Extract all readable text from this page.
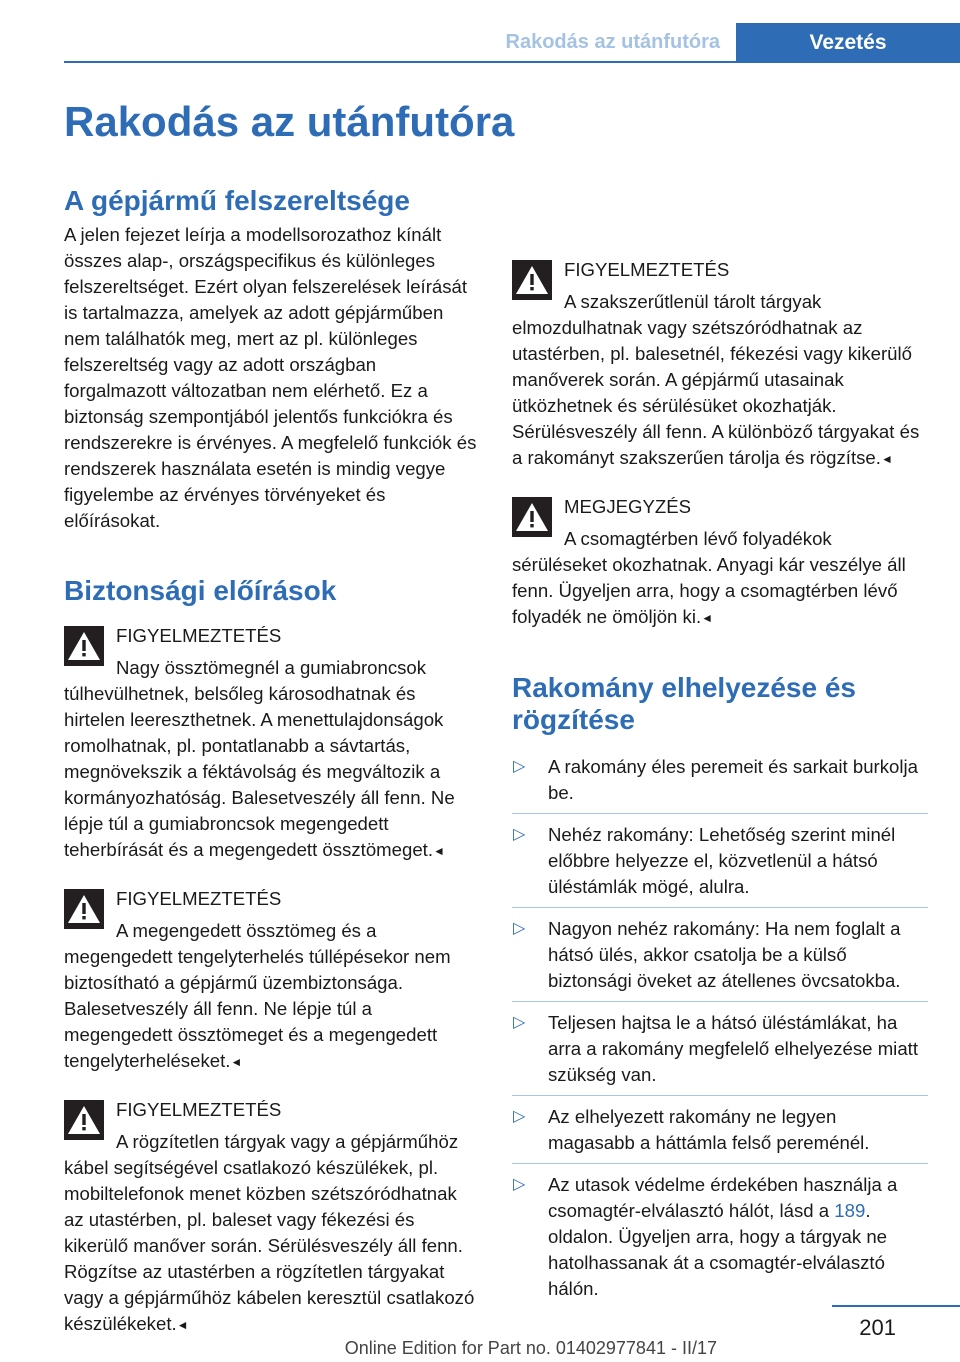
Rakodás az utánfutóra	Vezetés
Rakodás az utánfutóra
A gépjármű felszereltsége

A jelen fejezet leírja a modellsorozathoz kínált összes alap-, országspecifikus és különleges felszereltséget. Ezért olyan felszerelések leírását is tartalmazza, amelyek az adott gépjárműben nem találhatók meg, mert az pl. különleges felszereltség vagy az adott országban forgalmazott változatban nem elérhető. Ez a biztonság szempontjából jelentős funkciókra és rendszerekre is érvényes. A megfelelő funkciók és rendszerek használata esetén is mindig vegye figyelembe az érvényes törvényeket és előírásokat.

Biztonsági előírások

FIGYELMEZTETÉS

Nagy össztömegnél a gumiabroncsok túlhevülhetnek, belsőleg károsodhatnak és hirtelen leereszthetnek. A menettulajdonságok romolhatnak, pl. pontatlanabb a sávtartás, megnövekszik a féktávolság és megváltozik a kormányozhatóság. Balesetveszély áll fenn. Ne lépje túl a gumiabroncsok megengedett teherbírását és a megengedett össztömeget.◄

FIGYELMEZTETÉS

A megengedett össztömeg és a megengedett tengelyterhelés túllépésekor nem biztosítható a gépjármű üzembiztonsága. Balesetveszély áll fenn. Ne lépje túl a megengedett össztömeget és a megengedett tengelyterheléseket.◄

FIGYELMEZTETÉS

A rögzítetlen tárgyak vagy a gépjárműhöz kábel segítségével csatlakozó készülékek, pl. mobiltelefonok menet közben szétszóródhatnak az utastérben, pl. baleset vagy fékezési és kikerülő manőver során. Sérülésveszély áll fenn. Rögzítse az utastérben a rögzítetlen tárgyakat vagy a gépjárműhöz kábelen keresztül csatlakozó készülékeket.◄

FIGYELMEZTETÉS

A szakszerűtlenül tárolt tárgyak elmozdulhatnak vagy szétszóródhatnak az utastérben, pl. balesetnél, fékezési vagy kikerülő manőverek során. A gépjármű utasainak ütközhetnek és sérülésüket okozhatják. Sérülésveszély áll fenn. A különböző tárgyakat és a rakományt szakszerűen tárolja és rögzítse.◄

MEGJEGYZÉS

A csomagtérben lévő folyadékok sérüléseket okozhatnak. Anyagi kár veszélye áll fenn. Ügyeljen arra, hogy a csomagtérben lévő folyadék ne ömöljön ki.◄

Rakomány elhelyezése és rögzítése
▷ A rakomány éles peremeit és sarkait burkolja be.
▷ Nehéz rakomány: Lehetőség szerint minél előbbre helyezze el, közvetlenül a hátsó üléstámlák mögé, alulra.
▷ Nagyon nehéz rakomány: Ha nem foglalt a hátsó ülés, akkor csatolja be a külső biztonsági öveket az átellenes övcsatokba.
▷ Teljesen hajtsa le a hátsó üléstámlákat, ha arra a rakomány megfelelő elhelyezése miatt szükség van.
▷ Az elhelyezett rakomány ne legyen magasabb a háttámla felső pereménél.
▷ Az utasok védelme érdekében használja a csomagtér-elválasztó hálót, lásd a 189. oldalon. Ügyeljen arra, hogy a tárgyak ne hatolhassanak át a csomagtér-elválasztó hálón.
201
Online Edition for Part no. 01402977841 - II/17
